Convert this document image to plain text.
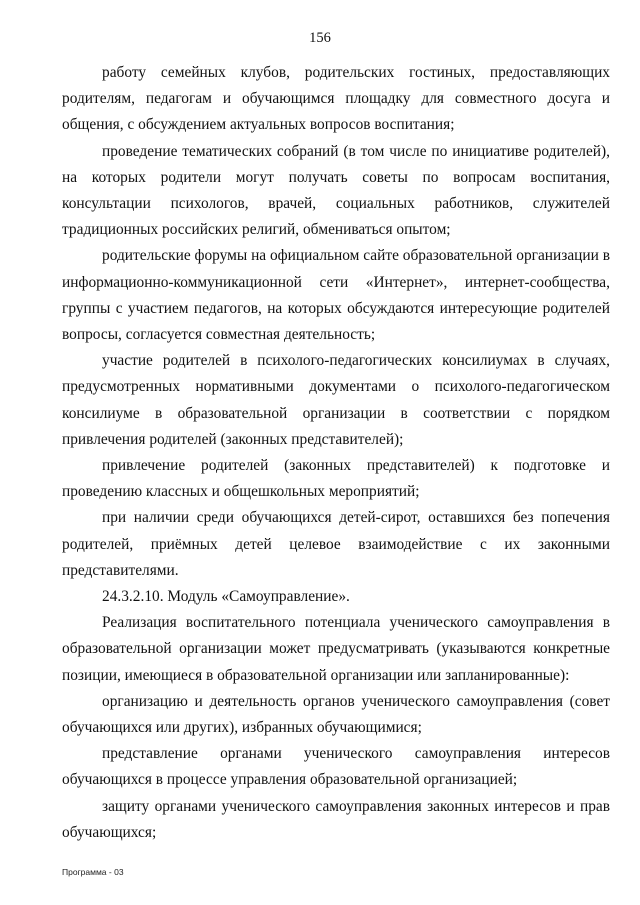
156

работу семейных клубов, родительских гостиных, предоставляющих родителям, педагогам и обучающимся площадку для совместного досуга и общения, с обсуждением актуальных вопросов воспитания;

проведение тематических собраний (в том числе по инициативе родителей), на которых родители могут получать советы по вопросам воспитания, консультации психологов, врачей, социальных работников, служителей традиционных российских религий, обмениваться опытом;

родительские форумы на официальном сайте образовательной организации в информационно-коммуникационной сети «Интернет», интернет-сообщества, группы с участием педагогов, на которых обсуждаются интересующие родителей вопросы, согласуется совместная деятельность;

участие родителей в психолого-педагогических консилиумах в случаях, предусмотренных нормативными документами о психолого-педагогическом консилиуме в образовательной организации в соответствии с порядком привлечения родителей (законных представителей);

привлечение родителей (законных представителей) к подготовке и проведению классных и общешкольных мероприятий;

при наличии среди обучающихся детей-сирот, оставшихся без попечения родителей, приёмных детей целевое взаимодействие с их законными представителями.

24.3.2.10. Модуль «Самоуправление».

Реализация воспитательного потенциала ученического самоуправления в образовательной организации может предусматривать (указываются конкретные позиции, имеющиеся в образовательной организации или запланированные):

организацию и деятельность органов ученического самоуправления (совет обучающихся или других), избранных обучающимися;

представление органами ученического самоуправления интересов обучающихся в процессе управления образовательной организацией;

защиту органами ученического самоуправления законных интересов и прав обучающихся;

Программа - 03
